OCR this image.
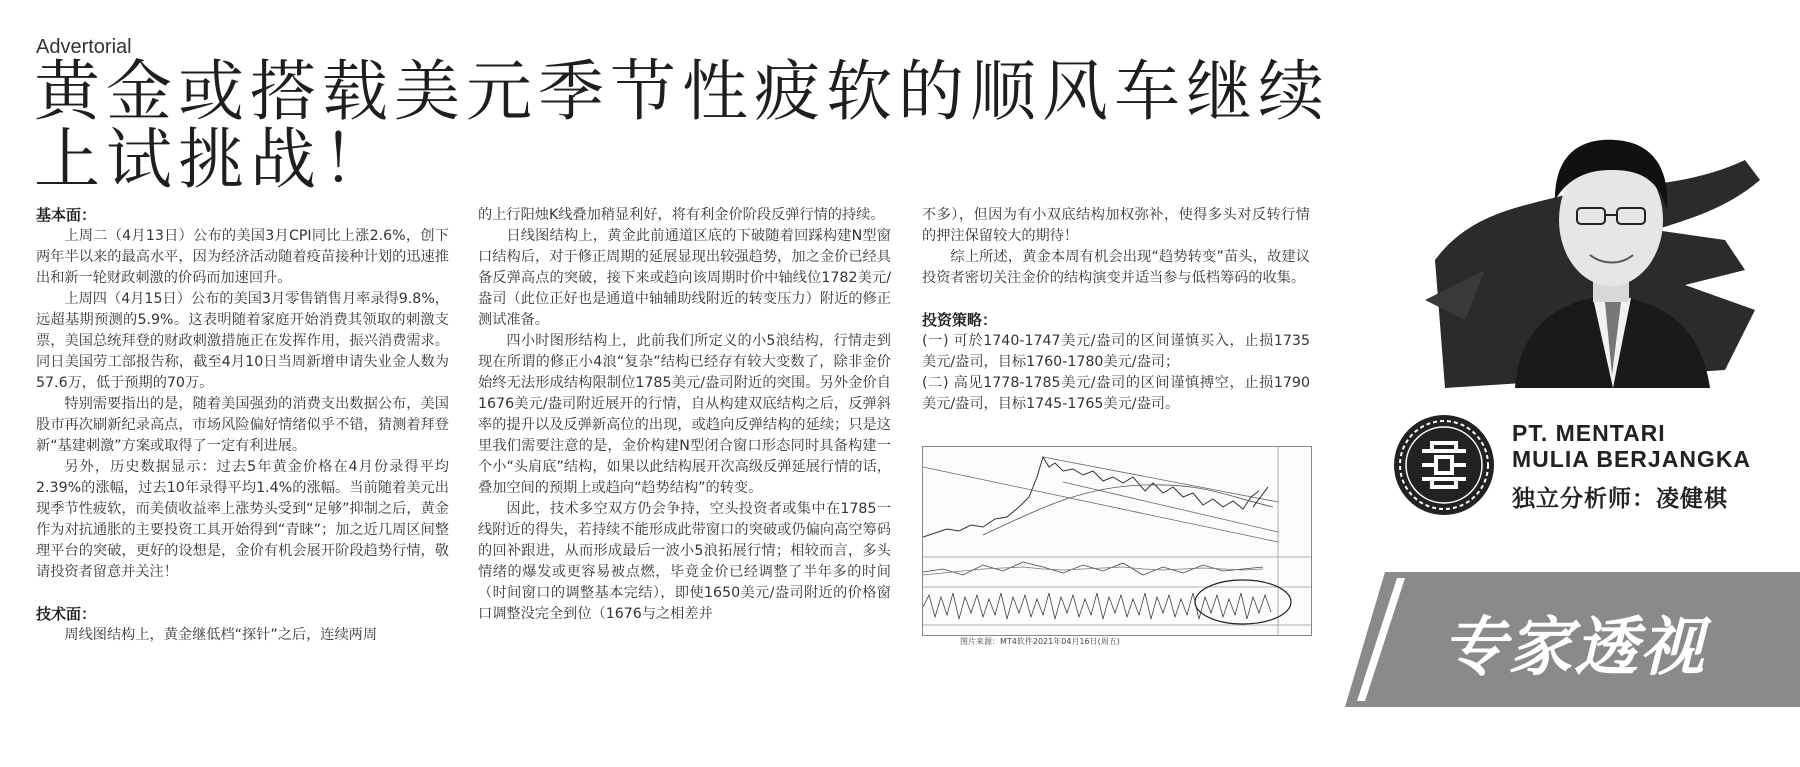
Advertorial
黄金或搭载美元季节性疲软的顺风车继续上试挑战！
基本面：

上周二（4月13日）公布的美国3月CPI同比上涨2.6%，创下两年半以来的最高水平，因为经济活动随着疫苗接种计划的迅速推出和新一轮财政刺激的价码而加速回升。

上周四（4月15日）公布的美国3月零售销售月率录得9.8%，远超基期预测的5.9%。这表明随着家庭开始消费其领取的刺激支票，美国总统拜登的财政刺激措施正在发挥作用，振兴消费需求。同日美国劳工部报告称，截至4月10日当周新增申请失业金人数为57.6万，低于预期的70万。

特别需要指出的是，随着美国强劲的消费支出数据公布，美国股市再次刷新纪录高点，市场风险偏好情绪似乎不错，猜测着拜登新“基建刺激”方案或取得了一定有利进展。

另外，历史数据显示：过去5年黄金价格在4月份录得平均2.39%的涨幅，过去10年录得平均1.4%的涨幅。当前随着美元出现季节性疲软，而美债收益率上涨势头受到“足够”抑制之后，黄金作为对抗通胀的主要投资工具开始得到“青睐”；加之近几周区间整理平台的突破，更好的设想是，金价有机会展开阶段趋势行情，敬请投资者留意并关注！

技术面：

周线图结构上，黄金继低档“探针”之后，连续两周

的上行阳烛K线叠加稍显利好，将有利金价阶段反弹行情的持续。

日线图结构上，黄金此前通道区底的下破随着回踩构建N型窗口结构后，对于修正周期的延展显现出较强趋势，加之金价已经具备反弹高点的突破，接下来或趋向该周期时价中轴线位1782美元/盎司（此位正好也是通道中轴辅助线附近的转变压力）附近的修正测试准备。

四小时图形结构上，此前我们所定义的小5浪结构，行情走到现在所谓的修正小4浪“复杂”结构已经存有较大变数了，除非金价始终无法形成结构限制位1785美元/盎司附近的突围。另外金价自1676美元/盎司附近展开的行情，自从构建双底结构之后，反弹斜率的提升以及反弹新高位的出现，或趋向反弹结构的延续；只是这里我们需要注意的是，金价构建N型闭合窗口形态同时具备构建一个小“头肩底”结构，如果以此结构展开次高级反弹延展行情的话，叠加空间的预期上或趋向“趋势结构”的转变。

因此，技术多空双方仍会争持，空头投资者或集中在1785一线附近的得失，若持续不能形成此带窗口的突破或仍偏向高空筹码的回补跟进，从而形成最后一波小5浪拓展行情；相较而言，多头情绪的爆发或更容易被点燃，毕竟金价已经调整了半年多的时间（时间窗口的调整基本完结），即使1650美元/盎司附近的价格窗口调整没完全到位（1676与之相差并

不多），但因为有小双底结构加权弥补，使得多头对反转行情的押注保留较大的期待！

综上所述，黄金本周有机会出现“趋势转变”苗头，故建议投资者密切关注金价的结构演变并适当参与低档筹码的收集。

投资策略：

(一) 可於1740-1747美元/盎司的区间谨慎买入，止损1735美元/盎司，目标1760-1780美元/盎司；

(二) 高见1778-1785美元/盎司的区间谨慎搏空，止损1790美元/盎司，目标1745-1765美元/盎司。

图片来源：MT4软件2021年04月16日(周五)
PT. MENTARI
MULIA BERJANGKA
独立分析师：凌健棋
专家透视
